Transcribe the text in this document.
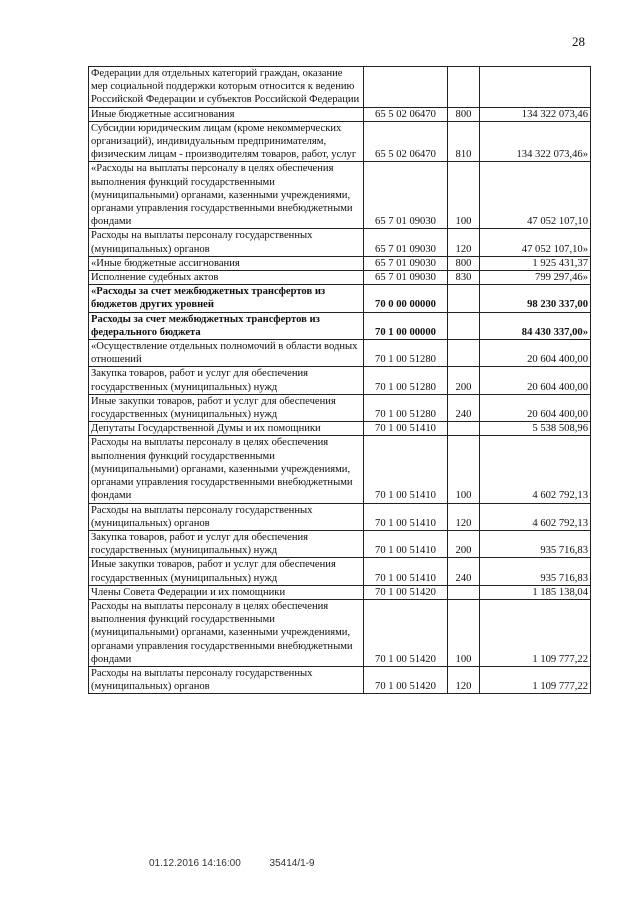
28
Федерации для отдельных категорий граждан, оказание мер социальной поддержки которым относится к ведению Российской Федерации и субъектов Российской Федерации			
Иные бюджетные ассигнования	65 5 02 06470	800	134 322 073,46
Субсидии юридическим лицам (кроме некоммерческих организаций), индивидуальным предпринимателям, физическим лицам - производителям товаров, работ, услуг	65 5 02 06470	810	134 322 073,46»
«Расходы на выплаты персоналу в целях обеспечения выполнения функций государственными (муниципальными) органами, казенными учреждениями, органами управления государственными внебюджетными фондами	65 7 01 09030	100	47 052 107,10
Расходы на выплаты персоналу государственных (муниципальных) органов	65 7 01 09030	120	47 052 107,10»
«Иные бюджетные ассигнования	65 7 01 09030	800	1 925 431,37
Исполнение судебных актов	65 7 01 09030	830	799 297,46»
«Расходы за счет межбюджетных трансфертов из бюджетов других уровней	70 0 00 00000		98 230 337,00
Расходы за счет межбюджетных трансфертов из федерального бюджета	70 1 00 00000		84 430 337,00»
«Осуществление отдельных полномочий в области водных отношений	70 1 00 51280		20 604 400,00
Закупка товаров, работ и услуг для обеспечения государственных (муниципальных) нужд	70 1 00 51280	200	20 604 400,00
Иные закупки товаров, работ и услуг для обеспечения государственных (муниципальных) нужд	70 1 00 51280	240	20 604 400,00
Депутаты Государственной Думы и их помощники	70 1 00 51410		5 538 508,96
Расходы на выплаты персоналу в целях обеспечения выполнения функций государственными (муниципальными) органами, казенными учреждениями, органами управления государственными внебюджетными фондами	70 1 00 51410	100	4 602 792,13
Расходы на выплаты персоналу государственных (муниципальных) органов	70 1 00 51410	120	4 602 792,13
Закупка товаров, работ и услуг для обеспечения государственных (муниципальных) нужд	70 1 00 51410	200	935 716,83
Иные закупки товаров, работ и услуг для обеспечения государственных (муниципальных) нужд	70 1 00 51410	240	935 716,83
Члены Совета Федерации и их помощники	70 1 00 51420		1 185 138,04
Расходы на выплаты персоналу в целях обеспечения выполнения функций государственными (муниципальными) органами, казенными учреждениями, органами управления государственными внебюджетными фондами	70 1 00 51420	100	1 109 777,22
Расходы на выплаты персоналу государственных (муниципальных) органов	70 1 00 51420	120	1 109 777,22
01.12.2016 14:16:00	35414/1-9
